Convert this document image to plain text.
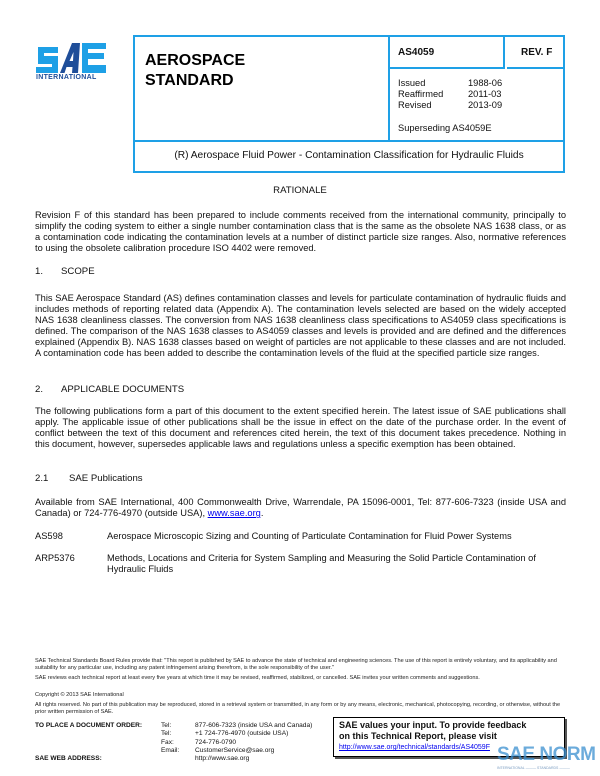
INTERNATIONAL
AEROSPACE
STANDARD
AS4059	REV. F
Issued	1988-06
Reaffirmed	2011-03
Revised	2013-09
Superseding AS4059E
(R) Aerospace Fluid Power - Contamination Classification for Hydraulic Fluids
RATIONALE
Revision F of this standard has been prepared to include comments received from the international community, principally to simplify the coding system to either a single number contamination class that is the same as the obsolete NAS 1638 class, or as a contamination code indicating the contamination levels at a number of distinct particle size ranges. Also, normative references to using the obsolete calibration procedure ISO 4402 were removed.
1. SCOPE
This SAE Aerospace Standard (AS) defines contamination classes and levels for particulate contamination of hydraulic fluids and includes methods of reporting related data (Appendix A). The contamination levels selected are based on the widely accepted NAS 1638 cleanliness classes. The conversion from NAS 1638 cleanliness class specifications to AS4059 class specifications is defined. The comparison of the NAS 1638 classes to AS4059 classes and levels is provided and are defined and the differences explained (Appendix B). NAS 1638 classes based on weight of particles are not applicable to these classes and are not included. A contamination code has been added to describe the contamination levels of the fluid at the specified particle size ranges.
2. APPLICABLE DOCUMENTS
The following publications form a part of this document to the extent specified herein. The latest issue of SAE publications shall apply. The applicable issue of other publications shall be the issue in effect on the date of the purchase order. In the event of conflict between the text of this document and references cited herein, the text of this document takes precedence. Nothing in this document, however, supersedes applicable laws and regulations unless a specific exemption has been obtained.
2.1 SAE Publications
Available from SAE International, 400 Commonwealth Drive, Warrendale, PA 15096-0001, Tel: 877-606-7323 (inside USA and Canada) or 724-776-4970 (outside USA), www.sae.org.
AS598	Aerospace Microscopic Sizing and Counting of Particulate Contamination for Fluid Power Systems
ARP5376	Methods, Locations and Criteria for System Sampling and Measuring the Solid Particle Contamination of Hydraulic Fluids
SAE Technical Standards Board Rules provide that: "This report is published by SAE to advance the state of technical and engineering sciences. The use of this report is entirely voluntary, and its applicability and suitability for any particular use, including any patent infringement arising therefrom, is the sole responsibility of the user."
SAE reviews each technical report at least every five years at which time it may be revised, reaffirmed, stabilized, or cancelled. SAE invites your written comments and suggestions.
Copyright © 2013 SAE International
All rights reserved. No part of this publication may be reproduced, stored in a retrieval system or transmitted, in any form or by any means, electronic, mechanical, photocopying, recording, or otherwise, without the prior written permission of SAE.
TO PLACE A DOCUMENT ORDER:	Tel:	877-606-7323 (inside USA and Canada)
Tel:	+1 724-776-4970 (outside USA)
Fax:	724-776-0790
Email: CustomerService@sae.org
SAE WEB ADDRESS:	http://www.sae.org
SAE values your input. To provide feedback
on this Technical Report, please visit
http://www.sae.org/technical/standards/AS4059F SAE NORM
INTERNATIONAL ——— STANDARDS ———
